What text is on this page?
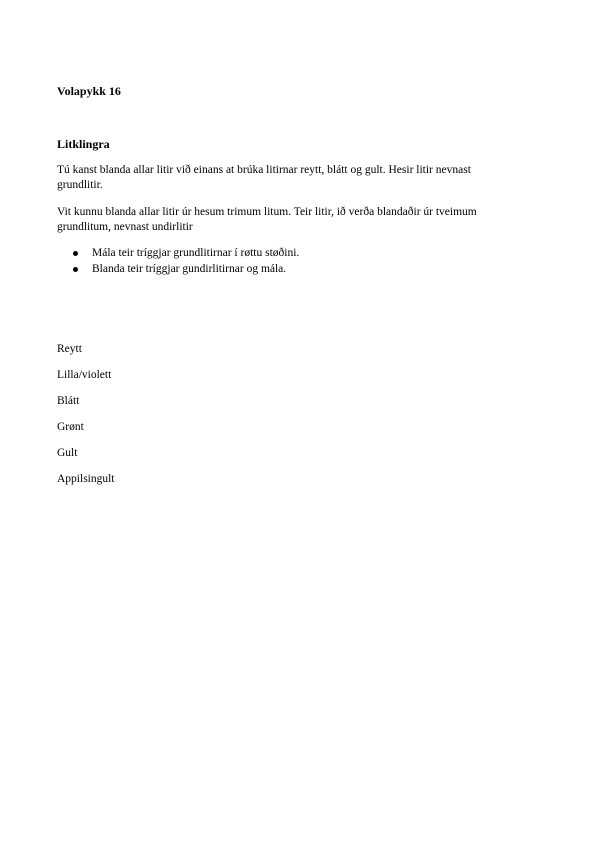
Volapykk 16
Litklingra

Tú kanst blanda allar litir við einans at brúka litirnar reytt, blátt og gult. Hesir litir nevnast grundlitir.

Vit kunnu blanda allar litir úr hesum trimum litum. Teir litir, ið verða blandaðir úr tveimum grundlitum, nevnast undirlitir

Mála teir tríggjar grundlitirnar í røttu støðini.
Blanda teir tríggjar gundirlitirnar og mála.
Reytt
Lilla/violett
Blátt
Grønt
Gult
Appilsingult
